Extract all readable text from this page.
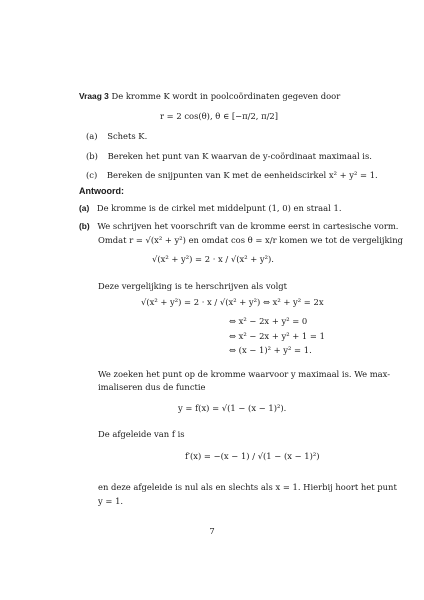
Vraag 3 De kromme K wordt in poolcoördinaten gegeven door
r = 2 cos(θ), θ ∈ [−π/2, π/2]
(a) Schets K.
(b) Bereken het punt van K waarvan de y-coördinaat maximaal is.
(c) Bereken de snijpunten van K met de eenheidscirkel x² + y² = 1.
Antwoord:
(a) De kromme is de cirkel met middelpunt (1, 0) en straal 1.
(b) We schrijven het voorschrift van de kromme eerst in cartesische vorm.
Omdat r = √(x² + y²) en omdat cos θ = x/r komen we tot de vergelijking
√(x² + y²) = 2 · x / √(x² + y²).
Deze vergelijking is te herschrijven als volgt
√(x² + y²) = 2 · x / √(x² + y²) ⇔ x² + y² = 2x
⇔ x² − 2x + y² = 0
⇔ x² − 2x + y² + 1 = 1
⇔ (x − 1)² + y² = 1.
We zoeken het punt op de kromme waarvoor y maximaal is. We max-
imaliseren dus de functie
y = f(x) = √(1 − (x − 1)²).
De afgeleide van f is
f′(x) = −(x − 1) / √(1 − (x − 1)²)
en deze afgeleide is nul als en slechts als x = 1. Hierbij hoort het punt
y = 1.
7
